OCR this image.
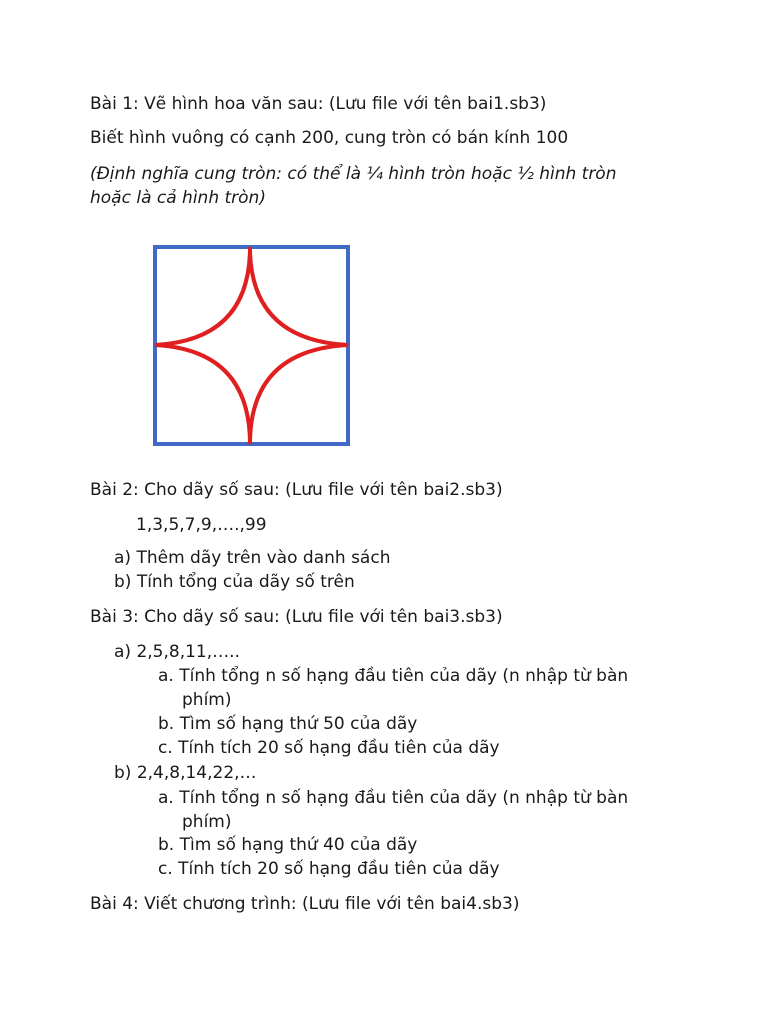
Bài 1: Vẽ hình hoa văn sau: (Lưu file với tên bai1.sb3)
Biết hình vuông có cạnh 200, cung tròn có bán kính 100
(Định nghĩa cung tròn: có thể là ¼ hình tròn hoặc ½ hình tròn
hoặc là cả hình tròn)
Bài 2: Cho dãy số sau: (Lưu file với tên bai2.sb3)
1,3,5,7,9,….,99
a) Thêm dãy trên vào danh sách
b) Tính tổng của dãy số trên
Bài 3: Cho dãy số sau: (Lưu file với tên bai3.sb3)
a) 2,5,8,11,…..
a. Tính tổng n số hạng đầu tiên của dãy (n nhập từ bàn
phím)
b. Tìm số hạng thứ 50 của dãy
c. Tính tích 20 số hạng đầu tiên của dãy
b) 2,4,8,14,22,…
a. Tính tổng n số hạng đầu tiên của dãy (n nhập từ bàn
phím)
b. Tìm số hạng thứ 40 của dãy
c. Tính tích 20 số hạng đầu tiên của dãy
Bài 4: Viết chương trình: (Lưu file với tên bai4.sb3)
